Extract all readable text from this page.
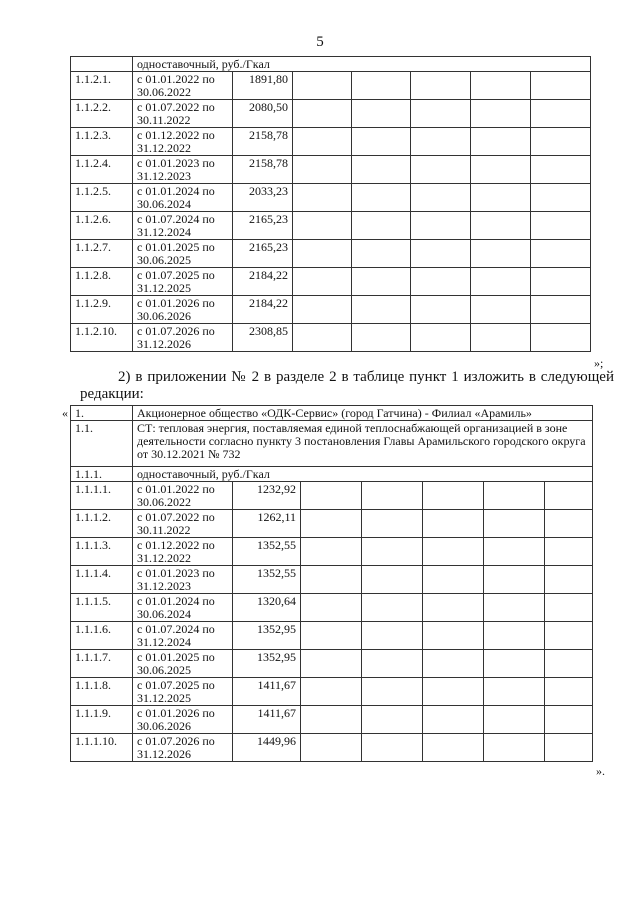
5
	одноставочный, руб./Гкал						
1.1.2.1.	с 01.01.2022 по 30.06.2022	1891,80					
1.1.2.2.	с 01.07.2022 по 30.11.2022	2080,50					
1.1.2.3.	с 01.12.2022 по 31.12.2022	2158,78					
1.1.2.4.	с 01.01.2023 по 31.12.2023	2158,78					
1.1.2.5.	с 01.01.2024 по 30.06.2024	2033,23					
1.1.2.6.	с 01.07.2024 по 31.12.2024	2165,23					
1.1.2.7.	с 01.01.2025 по 30.06.2025	2165,23					
1.1.2.8.	с 01.07.2025 по 31.12.2025	2184,22					
1.1.2.9.	с 01.01.2026 по 30.06.2026	2184,22					
1.1.2.10.	с 01.07.2026 по 31.12.2026	2308,85					
»;
2) в приложении № 2 в разделе 2 в таблице пункт 1 изложить в следующей
редакции:
« 1.	Акционерное общество «ОДК-Сервис» (город Гатчина) - Филиал «Арамиль»						
1.1.	СТ: тепловая энергия, поставляемая единой теплоснабжающей организацией в зоне деятельности согласно пункту 3 постановления Главы Арамильского городского округа от 30.12.2021 № 732						
1.1.1.	одноставочный, руб./Гкал						
1.1.1.1.	с 01.01.2022 по 30.06.2022	1232,92					
1.1.1.2.	с 01.07.2022 по 30.11.2022	1262,11					
1.1.1.3.	с 01.12.2022 по 31.12.2022	1352,55					
1.1.1.4.	с 01.01.2023 по 31.12.2023	1352,55					
1.1.1.5.	с 01.01.2024 по 30.06.2024	1320,64					
1.1.1.6.	с 01.07.2024 по 31.12.2024	1352,95					
1.1.1.7.	с 01.01.2025 по 30.06.2025	1352,95					
1.1.1.8.	с 01.07.2025 по 31.12.2025	1411,67					
1.1.1.9.	с 01.01.2026 по 30.06.2026	1411,67					
1.1.1.10.	с 01.07.2026 по 31.12.2026	1449,96					
».
